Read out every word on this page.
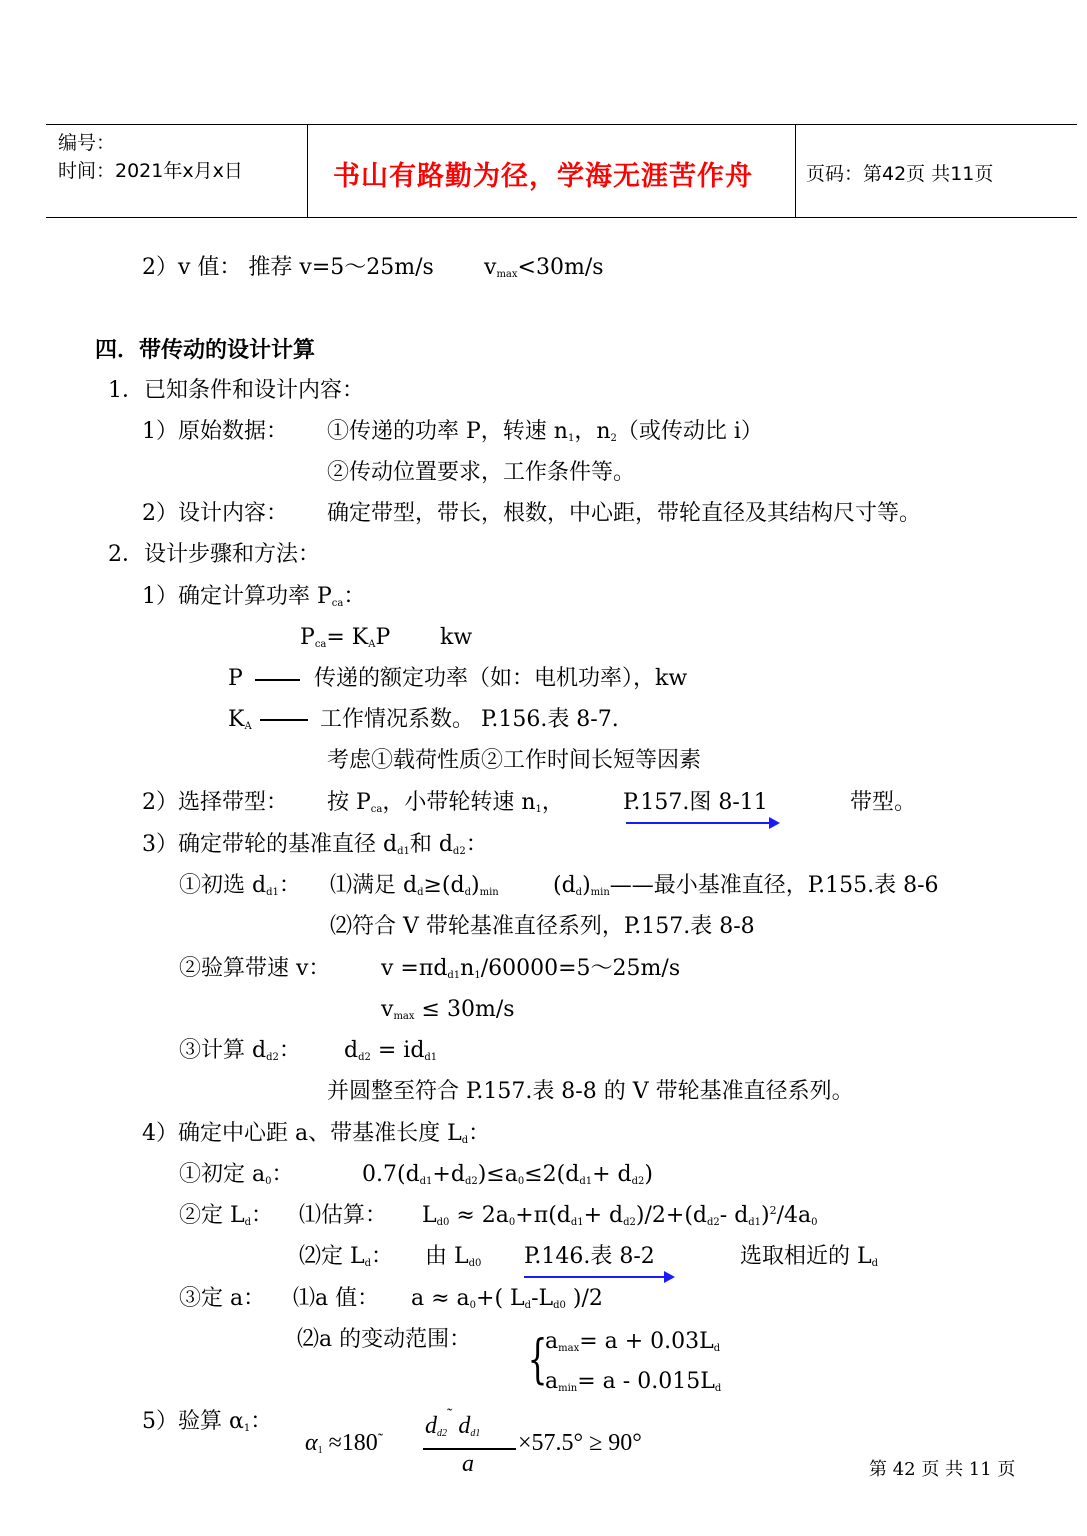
编号：
时间：2021年x月x日	书山有路勤为径，学海无涯苦作舟	页码：第42页 共11页
2）v 值： 推荐 v=5～25m/s $v_{max}<30m/s$
四．带传动的设计计算
1．已知条件和设计内容：
1）原始数据： ①传递的功率 P，转速 $n_1$，$n_2$（或传动比 i）
②传动位置要求，工作条件等。
2）设计内容： 确定带型，带长，根数，中心距，带轮直径及其结构尺寸等。
2．设计步骤和方法：
1）确定计算功率 $P_{ca}$：
$P_{ca}= K_AP$ kw
P	传递的额定功率（如：电机功率），kw
$K_A$	工作情况系数。 P.156.表 8-7.
考虑①载荷性质②工作时间长短等因素
2）选择带型： 按 $P_{ca}$，小带轮转速 $n_1$，	P.157.图 8-11	带型。
3）确定带轮的基准直径 $d_{d1}$和 $d_{d2}$：
①初选 $d_{d1}$： ⑴满足 $d_d\ge(d_d)_{min}$ $(d_d)_{min}——$最小基准直径，P.155.表 8-6
⑵符合 V 带轮基准直径系列，P.157.表 8-8
②验算带速 v： $v =\pi d_{d1}n_1/60000=5\sim 25m/s$
$v_{max} \le 30m/s$
③计算 $d_{d2}$： $d_{d2} = id_{d1}$
并圆整至符合 P.157.表 8-8 的 V 带轮基准直径系列。
4）确定中心距 a、带基准长度 $L_d$：
①初定 $a_0$：	$0.7(d_{d1}+d_{d2})\le a_0\le 2(d_{d1}+ d_{d2})$
②定 $L_d$： ⑴估算： $L_{d0} \approx 2a_0+\pi(d_{d1}+ d_{d2})/2+(d_{d2}-$ $d_{d1})^2/4a_0$
⑵定 $L_d$： 由 $L_{d0}$ P.146.表 8-2	选取相近的 $L_d$
③定 a： ⑴a 值： $a \approx a_0+$( $L_d-L_{d0}$ )/2
⑵a 的变动范围： {
$a_{max}= a + 0.03L_d$
$a_{min}= a - 0.015L_d$
5）验算 $\alpha_1$：
$\alpha_1 \approx 180^˜$
$d_{d2}^˜$ $d_{d1}$
a
×57.5° ≥ 90°
第 42 页 共 11 页
